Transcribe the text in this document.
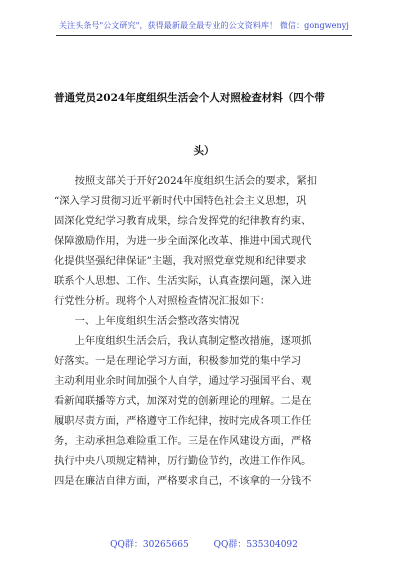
关注头条号"公文研究"，获得最新最全最专业的公文资料库！ 微信：gongwenyj
普通党员2024年度组织生活会个人对照检查材料（四个带
头）
按照支部关于开好2024年度组织生活会的要求，紧扣
“深入学习贯彻习近平新时代中国特色社会主义思想，巩
固深化党纪学习教育成果，综合发挥党的纪律教育约束、
保障激励作用，为进一步全面深化改革、推进中国式现代
化提供坚强纪律保证”主题，我对照党章党规和纪律要求
联系个人思想、工作、生活实际，认真查摆问题，深入进
行党性分析。现将个人对照检查情况汇报如下：
一、上年度组织生活会整改落实情况
上年度组织生活会后，我认真制定整改措施，逐项抓
好落实。一是在理论学习方面，积极参加党的集中学习
主动利用业余时间加强个人自学，通过学习强国平台、观
看新闻联播等方式，加深对党的创新理论的理解。二是在
履职尽责方面，严格遵守工作纪律，按时完成各项工作任
务，主动承担急难险重工作。三是在作风建设方面，严格
执行中央八项规定精神，厉行勤俭节约，改进工作作风。
四是在廉洁自律方面，严格要求自己，不该拿的一分钱不
QQ群：30265665	QQ群：535304092
